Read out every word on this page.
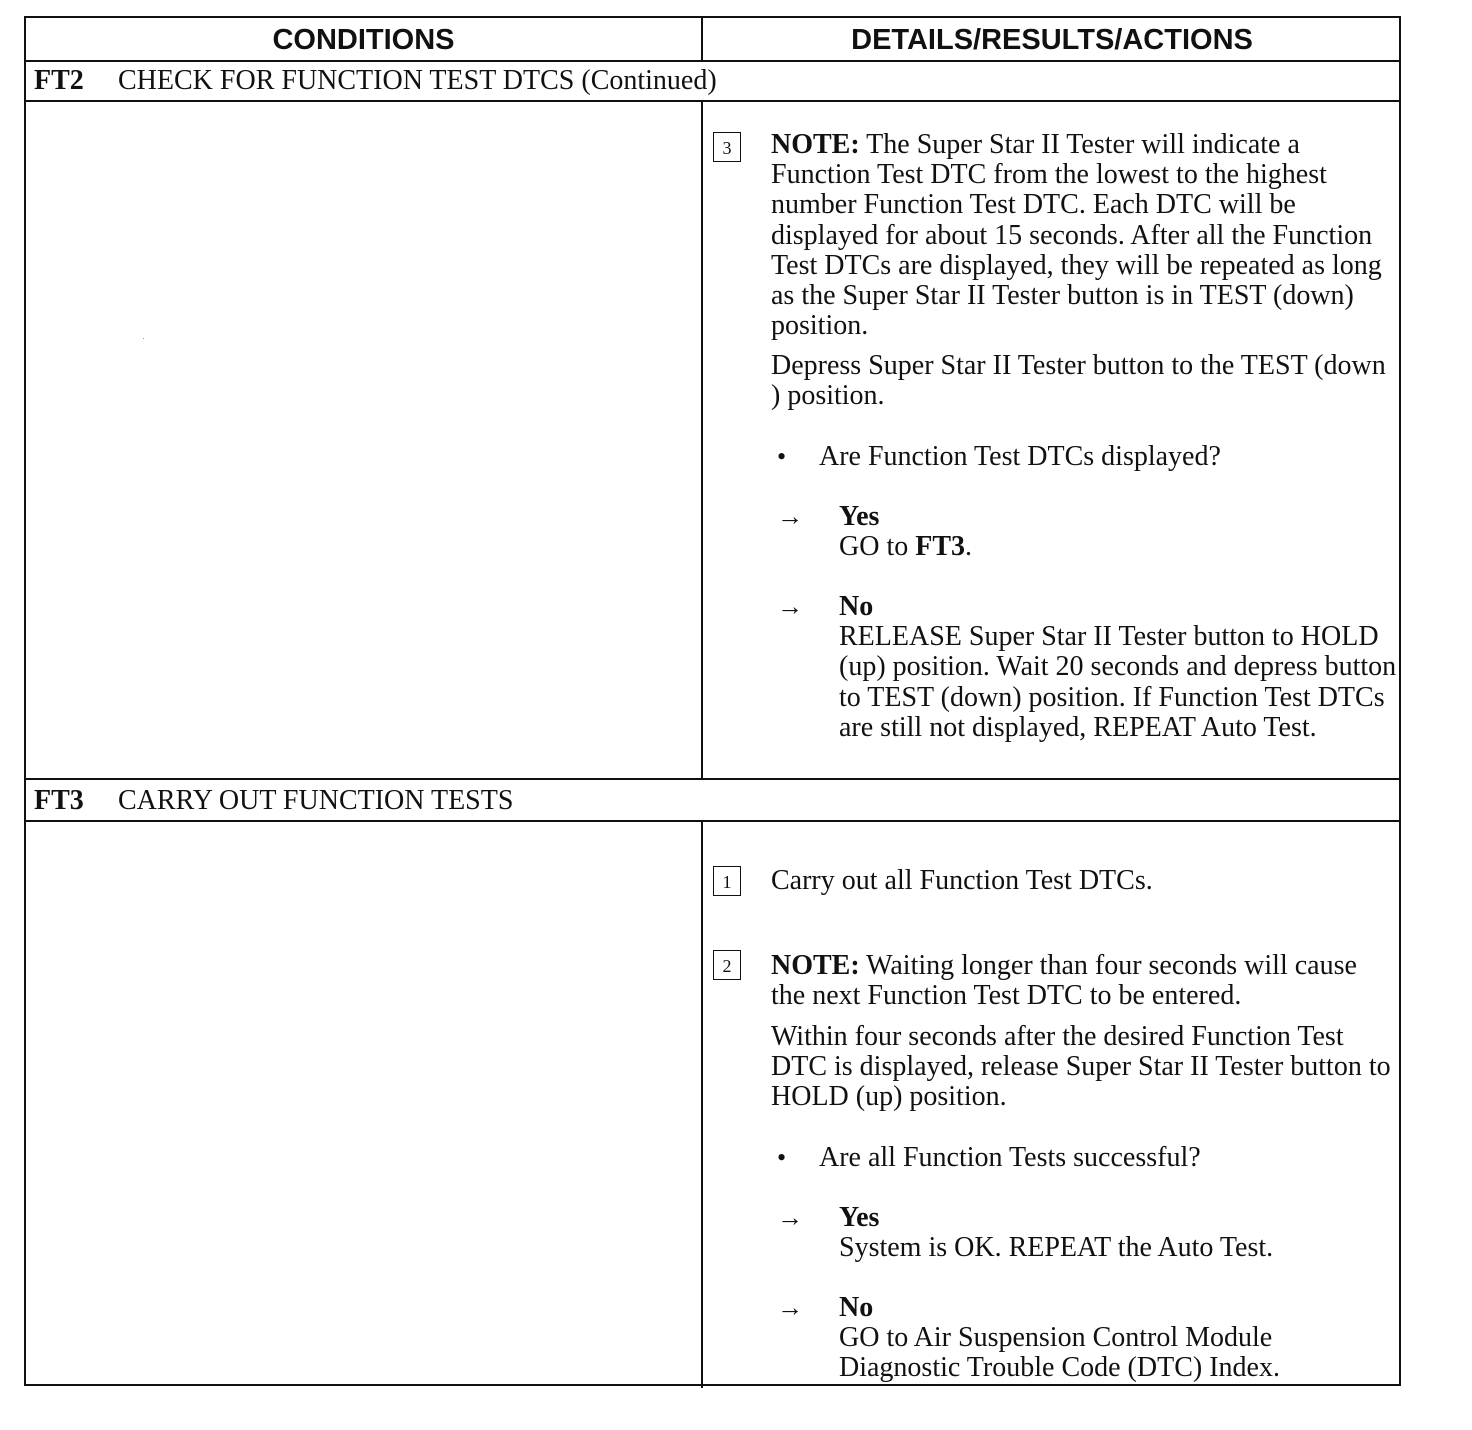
CONDITIONS	DETAILS/RESULTS/ACTIONS
FT2 CHECK FOR FUNCTION TEST DTCS (Continued)
3	NOTE: The Super Star II Tester will indicate a Function Test DTC from the lowest to the highest number Function Test DTC. Each DTC will be displayed for about 15 seconds. After all the Function Test DTCs are displayed, they will be repeated as long as the Super Star II Tester button is in TEST (down) position.
Depress Super Star II Tester button to the TEST (down ) position.
• Are Function Test DTCs displayed?
→ Yes
GO to FT3.
→ No
RELEASE Super Star II Tester button to HOLD (up) position. Wait 20 seconds and depress button to TEST (down) position. If Function Test DTCs are still not displayed, REPEAT Auto Test.
FT3 CARRY OUT FUNCTION TESTS
1	Carry out all Function Test DTCs.
2	NOTE: Waiting longer than four seconds will cause the next Function Test DTC to be entered.
Within four seconds after the desired Function Test DTC is displayed, release Super Star II Tester button to HOLD (up) position.
• Are all Function Tests successful?
→ Yes
System is OK. REPEAT the Auto Test.
→ No
GO to Air Suspension Control Module Diagnostic Trouble Code (DTC) Index.
